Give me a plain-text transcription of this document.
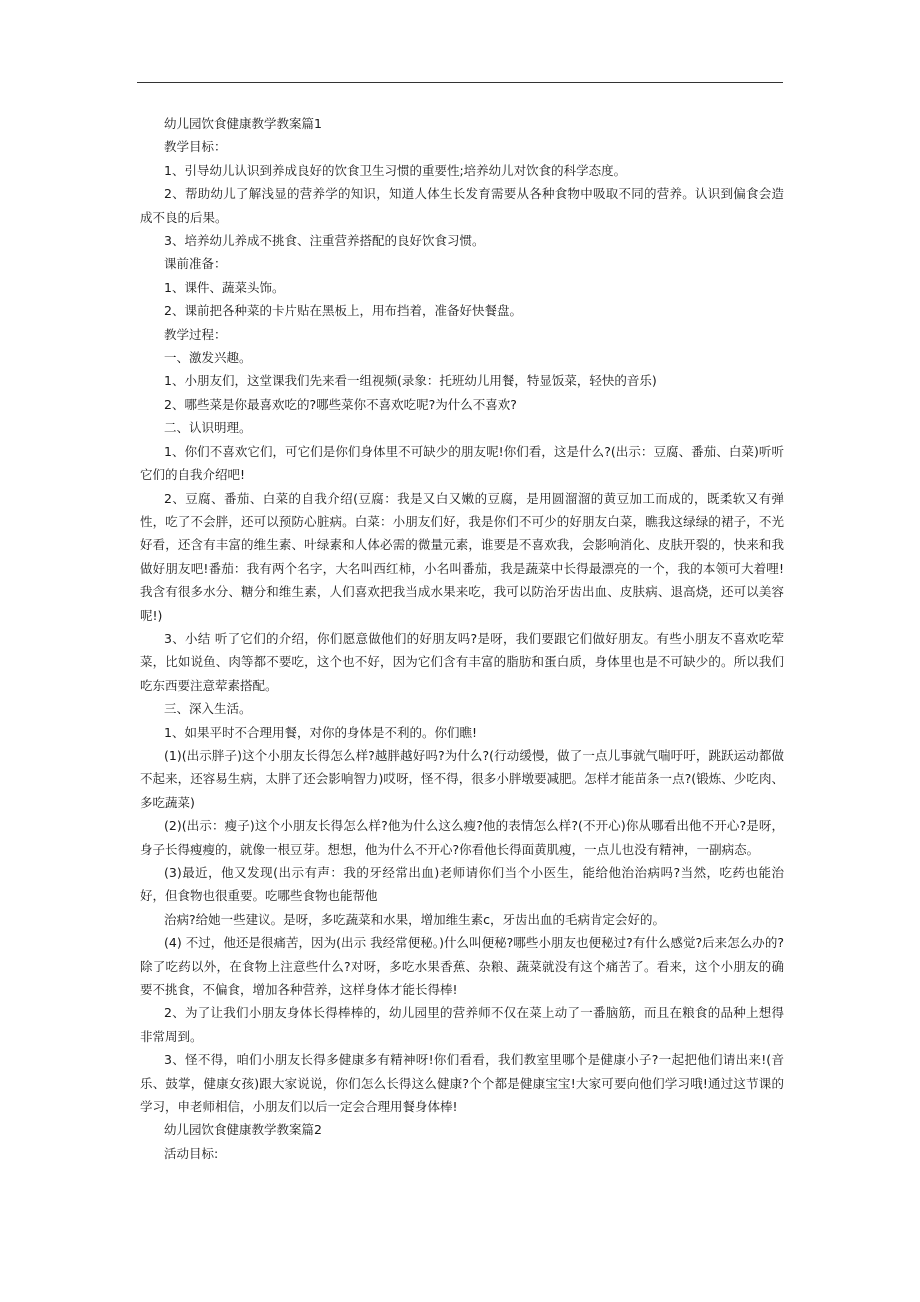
幼儿园饮食健康教学教案篇1

教学目标：

1、引导幼儿认识到养成良好的饮食卫生习惯的重要性;培养幼儿对饮食的科学态度。

2、帮助幼儿了解浅显的营养学的知识，知道人体生长发育需要从各种食物中吸取不同的营养。认识到偏食会造成不良的后果。

3、培养幼儿养成不挑食、注重营养搭配的良好饮食习惯。

课前准备：

1、课件、蔬菜头饰。

2、课前把各种菜的卡片贴在黑板上，用布挡着，准备好快餐盘。

教学过程：

一、激发兴趣。

1、小朋友们，这堂课我们先来看一组视频(录象：托班幼儿用餐，特显饭菜，轻快的音乐)

2、哪些菜是你最喜欢吃的?哪些菜你不喜欢吃呢?为什么不喜欢?

二、认识明理。

1、你们不喜欢它们，可它们是你们身体里不可缺少的朋友呢!你们看，这是什么?(出示：豆腐、番茄、白菜)听听它们的自我介绍吧!

2、豆腐、番茄、白菜的自我介绍(豆腐：我是又白又嫩的豆腐，是用圆溜溜的黄豆加工而成的，既柔软又有弹性，吃了不会胖，还可以预防心脏病。白菜：小朋友们好，我是你们不可少的好朋友白菜，瞧我这绿绿的裙子，不光好看，还含有丰富的维生素、叶绿素和人体必需的微量元素，谁要是不喜欢我，会影响消化、皮肤开裂的，快来和我做好朋友吧!番茄：我有两个名字，大名叫西红柿，小名叫番茄，我是蔬菜中长得最漂亮的一个，我的本领可大着哩!我含有很多水分、糖分和维生素，人们喜欢把我当成水果来吃，我可以防治牙齿出血、皮肤病、退高烧，还可以美容呢!)

3、小结 听了它们的介绍，你们愿意做他们的好朋友吗?是呀，我们要跟它们做好朋友。有些小朋友不喜欢吃荤菜，比如说鱼、肉等都不要吃，这个也不好，因为它们含有丰富的脂肪和蛋白质，身体里也是不可缺少的。所以我们吃东西要注意荤素搭配。

三、深入生活。

1、如果平时不合理用餐，对你的身体是不利的。你们瞧!

(1)(出示胖子)这个小朋友长得怎么样?越胖越好吗?为什么?(行动缓慢，做了一点儿事就气喘吁吁，跳跃运动都做不起来，还容易生病，太胖了还会影响智力)哎呀，怪不得，很多小胖墩要减肥。怎样才能苗条一点?(锻炼、少吃肉、多吃蔬菜)

(2)(出示：瘦子)这个小朋友长得怎么样?他为什么这么瘦?他的表情怎么样?(不开心)你从哪看出他不开心?是呀，身子长得瘦瘦的，就像一根豆芽。想想，他为什么不开心?你看他长得面黄肌瘦，一点儿也没有精神，一副病态。

(3)最近，他又发现(出示有声：我的牙经常出血)老师请你们当个小医生，能给他治治病吗?当然，吃药也能治好，但食物也很重要。吃哪些食物也能帮他

治病?给她一些建议。是呀，多吃蔬菜和水果，增加维生素c，牙齿出血的毛病肯定会好的。

(4) 不过，他还是很痛苦，因为(出示 我经常便秘。)什么叫便秘?哪些小朋友也便秘过?有什么感觉?后来怎么办的?除了吃药以外，在食物上注意些什么?对呀，多吃水果香蕉、杂粮、蔬菜就没有这个痛苦了。看来，这个小朋友的确要不挑食，不偏食，增加各种营养，这样身体才能长得棒!

2、为了让我们小朋友身体长得棒棒的，幼儿园里的营养师不仅在菜上动了一番脑筋，而且在粮食的品种上想得非常周到。

3、怪不得，咱们小朋友长得多健康多有精神呀!你们看看，我们教室里哪个是健康小子?一起把他们请出来!(音乐、鼓掌，健康女孩)跟大家说说，你们怎么长得这么健康?个个都是健康宝宝!大家可要向他们学习哦!通过这节课的学习，申老师相信，小朋友们以后一定会合理用餐身体棒!

幼儿园饮食健康教学教案篇2

活动目标:
